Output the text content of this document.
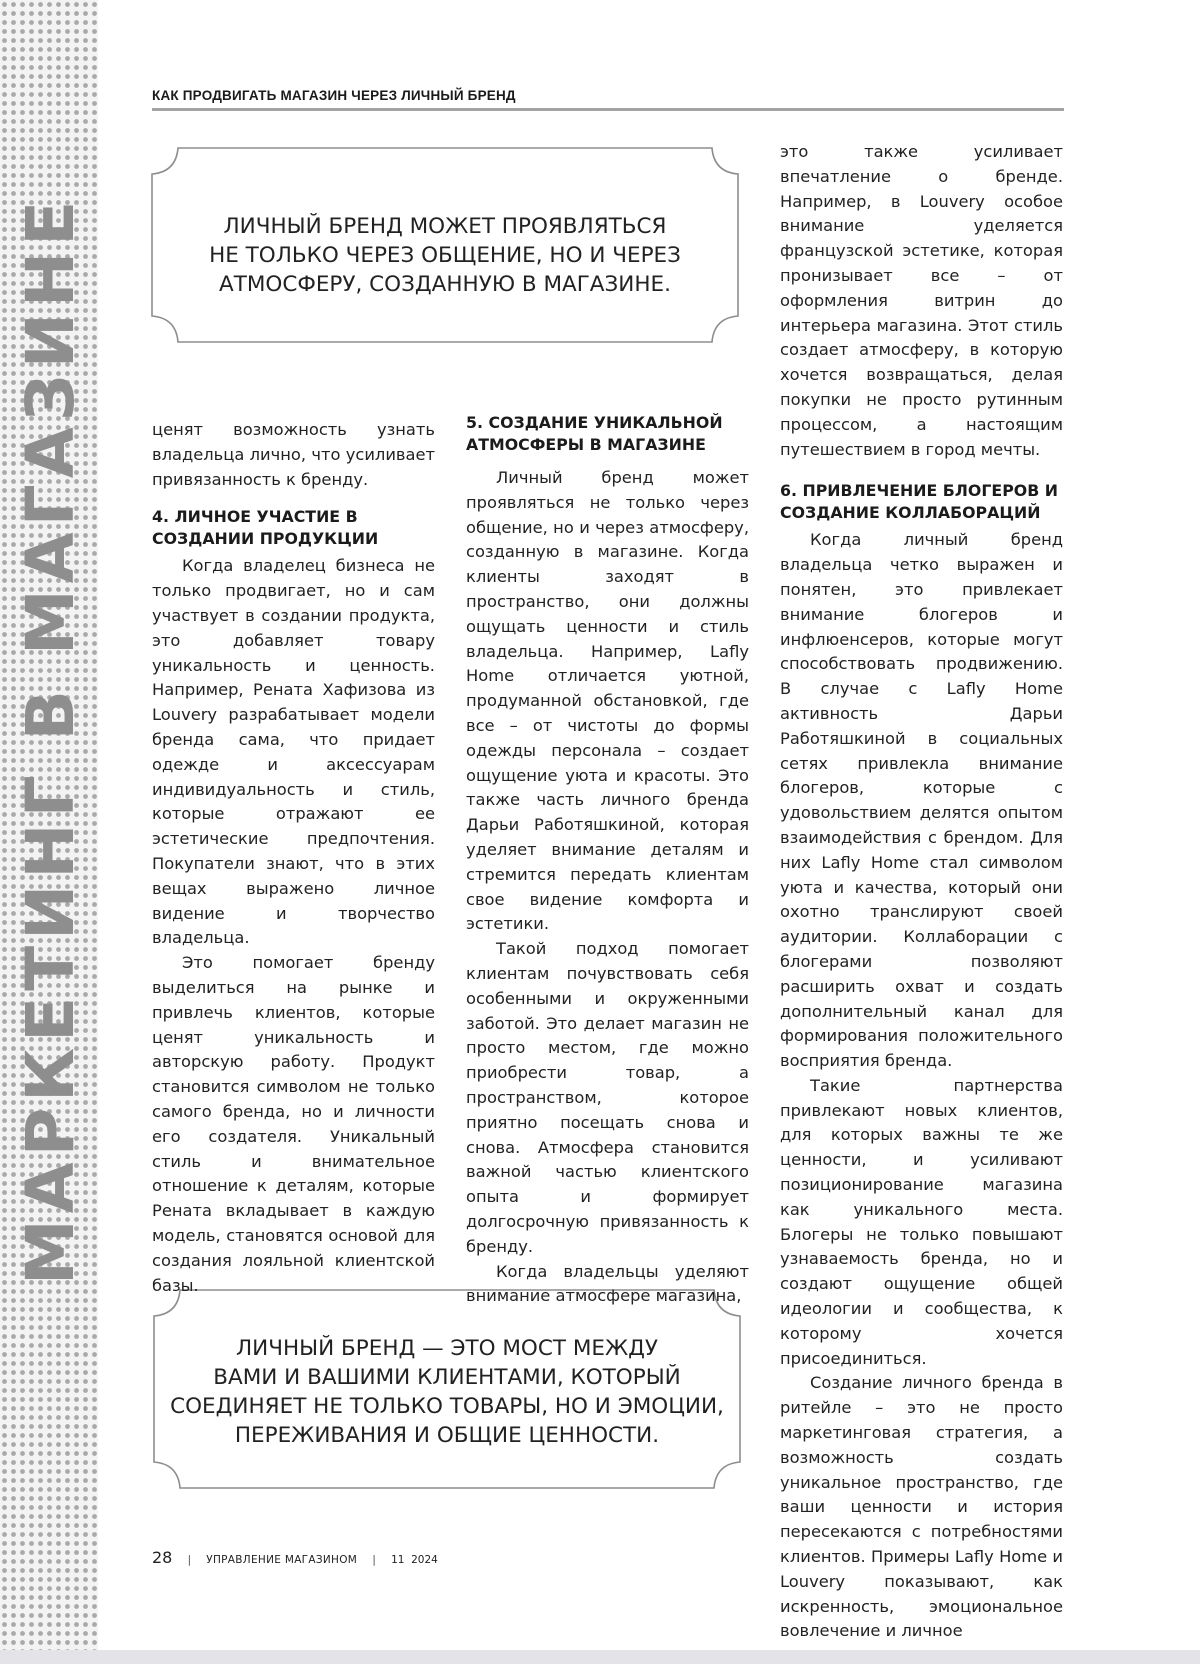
МАРКЕТИНГ В МАГАЗИНЕ
КАК ПРОДВИГАТЬ МАГАЗИН ЧЕРЕЗ ЛИЧНЫЙ БРЕНД
ЛИЧНЫЙ БРЕНД МОЖЕТ ПРОЯВЛЯТЬСЯ
НЕ ТОЛЬКО ЧЕРЕЗ ОБЩЕНИЕ, НО И ЧЕРЕЗ
АТМОСФЕРУ, СОЗДАННУЮ В МАГАЗИНЕ.
ЛИЧНЫЙ БРЕНД — ЭТО МОСТ МЕЖДУ
ВАМИ И ВАШИМИ КЛИЕНТАМИ, КОТОРЫЙ
СОЕДИНЯЕТ НЕ ТОЛЬКО ТОВАРЫ, НО И ЭМОЦИИ,
ПЕРЕЖИВАНИЯ И ОБЩИЕ ЦЕННОСТИ.

ценят возможность узнать владельца лично, что усиливает привязанность к бренду.

4. ЛИЧНОЕ УЧАСТИЕ В СОЗДАНИИ ПРОДУКЦИИ

Когда владелец бизнеса не только продвигает, но и сам участвует в создании продукта, это добавляет товару уникальность и ценность. Например, Рената Хафизова из Louvery разрабатывает модели бренда сама, что придает одежде и аксессуарам индивидуальность и стиль, которые отражают ее эстетические предпочтения. Покупатели знают, что в этих вещах выражено личное видение и творчество владельца.

Это помогает бренду выделиться на рынке и привлечь клиентов, которые ценят уникальность и авторскую работу. Продукт становится символом не только самого бренда, но и личности его создателя. Уникальный стиль и внимательное отношение к деталям, которые Рената вкладывает в каждую модель, становятся основой для создания лояльной клиентской базы.

5. СОЗДАНИЕ УНИКАЛЬНОЙ АТМОСФЕРЫ В МАГАЗИНЕ

Личный бренд может проявляться не только через общение, но и через атмосферу, созданную в магазине. Когда клиенты заходят в пространство, они должны ощущать ценности и стиль владельца. Например, Lafly Home отличается уютной, продуманной обстановкой, где все – от чистоты до формы одежды персонала – создает ощущение уюта и красоты. Это также часть личного бренда Дарьи Работяшкиной, которая уделяет внимание деталям и стремится передать клиентам свое видение комфорта и эстетики.

Такой подход помогает клиентам почувствовать себя особенными и окруженными заботой. Это делает магазин не просто местом, где можно приобрести товар, а пространством, которое приятно посещать снова и снова. Атмосфера становится важной частью клиентского опыта и формирует долгосрочную привязанность к бренду.

Когда владельцы уделяют внимание атмосфере магазина,

это также усиливает впечатление о бренде. Например, в Louvery особое внимание уделяется французской эстетике, которая пронизывает все – от оформления витрин до интерьера магазина. Этот стиль создает атмосферу, в которую хочется возвращаться, делая покупки не просто рутинным процессом, а настоящим путешествием в город мечты.

6. ПРИВЛЕЧЕНИЕ БЛОГЕРОВ И СОЗДАНИЕ КОЛЛАБОРАЦИЙ

Когда личный бренд владельца четко выражен и понятен, это привлекает внимание блогеров и инфлюенсеров, которые могут способствовать продвижению. В случае с Lafly Home активность Дарьи Работяшкиной в социальных сетях привлекла внимание блогеров, которые с удовольствием делятся опытом взаимодействия с брендом. Для них Lafly Home стал символом уюта и качества, который они охотно транслируют своей аудитории. Коллаборации с блогерами позволяют расширить охват и создать дополнительный канал для формирования положительного восприятия бренда.

Такие партнерства привлекают новых клиентов, для которых важны те же ценности, и усиливают позиционирование магазина как уникального места. Блогеры не только повышают узнаваемость бренда, но и создают ощущение общей идеологии и сообщества, к которому хочется присоединиться.

Создание личного бренда в ритейле – это не просто маркетинговая стратегия, а возможность создать уникальное пространство, где ваши ценности и история пересекаются с потребностями клиентов. Примеры Lafly Home и Louvery показывают, как искренность, эмоциональное вовлечение и личное

28 | УПРАВЛЕНИЕ МАГАЗИНОМ | 11  2024
